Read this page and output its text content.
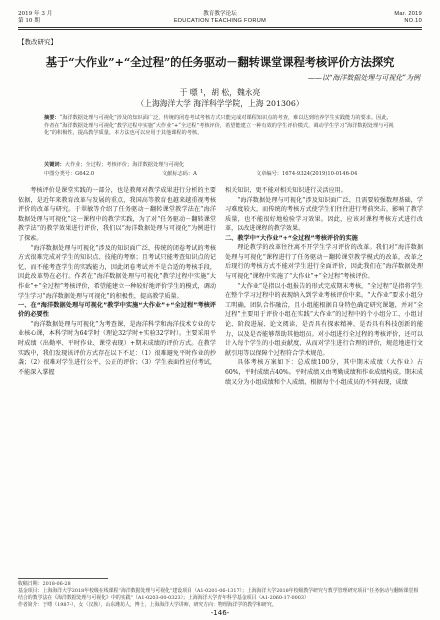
2019 年 3 月
第 10 期
教育教学论坛
EDUCATION TEACHING FORUM
Mar. 2019
NO.10
【教改研究】
基于“大作业”+“全过程”的任务驱动－翻转课堂课程考核评价方法探究
——以“海洋数据处理与可视化”为例
于 嘌 ¹，胡 松，魏永亮
（上海海洋大学 海洋科学学院，上海 201306）
摘要：“海洋数据处理与可视化”涉及的知识面广泛，传统的闭卷考试考核方式只能完成对课程知识点的考查，难以达到培养学生实践能力的要求。因此，作者在“海洋数据处理与可视化”教学过程中实施“大作业”+“全过程”考核评价，希望能建立一种有效的学生评价模式，调动学生学习“海洋数据处理与可视化”的积极性，提高教学质量。本方法也可以应用于其他课程的考核。
关键词：大作业；全过程；考核评价；海洋数据处理与可视化
中图分类号：G642.0	文献标志码：A	文章编号：1674-9324(2019)10-0146-04

考核评价是课堂实践的一部分，也是教师对教学成果进行分析的主要依据，是近年来教育改革与发展的重点，我国高等教育也越来越重视考核评价的改革与研究。于翠敏等介绍了任务驱动－翻转课堂教学法在“海洋数据处理与可视化”这一课程中的教学实践，为了对“任务驱动－翻转课堂教学法”的教学效果进行评价，我们以“海洋数据处理与可视化”为例进行了探索。

“海洋数据处理与可视化”涉及的知识面广泛，传统的闭卷考试的考核方式很难完成对学生的知识点、技能的考察；且考试只能考查知识点的记忆，而不能考查学生的实践能力，因此闭卷考试并不是合适的考核手段，因此改革势在必行。作者在“海洋数据处理与可视化”教学过程中实施“大作业”+“全过程”考核评价，希望能建立一种较好地评价学生的模式，调动学生学习“海洋数据处理与可视化”的积极性，提高教学质量。

一、在“海洋数据处理与可视化”教学中实施“大作业”+“全过程”考核评价的必要性

“海洋数据处理与可视化”为考查课，是海洋科学和海洋技术专业的专业核心课，本科学时为64学时（理论32学时+实验32学时）。主要采用平时成绩（出勤率、平时作业、课堂表现）+期末成绩的评价方式。在教学实践中，我们发现该评价方式存在以下不足：（1）很难避免平时作业的抄袭；（2）很难对学生进行公平、公正的评价；（3）学生表面性应付考试，不能深入掌握

相关知识，更不能对相关知识进行灵活应用。

“海洋数据处理与可视化”涉及知识面广泛，且需要较强数理基础，学习难度较大，而传统的考核方式使学生们往往进行考前突击，影响了教学质量，也不能很好地检验学习效果。因此，应该对课程考核方式进行改革，以改进课程的教学效果。

二、教学中“大作业”+“全过程”考核评价的实施

理论教学的改革往往离不开学生学习评价的改革。我们对“海洋数据处理与可视化”课程进行了任务驱动－翻转课堂教学模式的改革，改革之后现行的考核方式不能对学生进行全面评价，因此我们在“海洋数据处理与可视化”课程中实施了“大作业”+“全过程”考核评价。

“大作业”是指以小组报告的形式完成期末考核，“全过程”是指将学生在整个学习过程中的表现纳入到学业考核评价中来。“大作业”要求小组分工明确，团队合作融洽，且小组能根据自身特色确定研究课题，并对“全过程”主要用于评价小组在实践“大作业”的过程中的个小组分工、小组讨论、阶段进展、论文阅读、是否具有探索精神、是否具有科技创新的能力，以及是否能够帮助其他组员。对小组进行全过程的考核评价，还可以计入每个学生的小组贡献度，从而对学生进行合理的评价，规范地进行文献引用等以保障个过程符合学术规范。

具体考核方案如下：总成绩100分，其中期末成绩（大作业）占60%，平时成绩占40%。平时成绩又由考勤成绩和作业成绩构成。期末成绩又分为小组成绩和个人成绩，根据每个小组成员的不同表现，成绩

收稿日期：2018-06-28
基金项目：上海海洋大学2018年校级在线课程“海洋数据处理与可视化”建设项目（A1-0201-06-1317）；上海海洋大学2018年校级教学研究与教学管理研究项目“任务驱动与翻转课堂相结合的教学法在《海洋数据处理与可视化》中的实践”（A1-0203-00-0323）；上海海洋大学青年科学基金项目（A1-2060-17-0003）
作者简介：于嘌（1987-），女（汉族），山东潍坊人，博士，上海海洋大学讲师，研究方向：物理海洋学的教学和研究。
-146-
